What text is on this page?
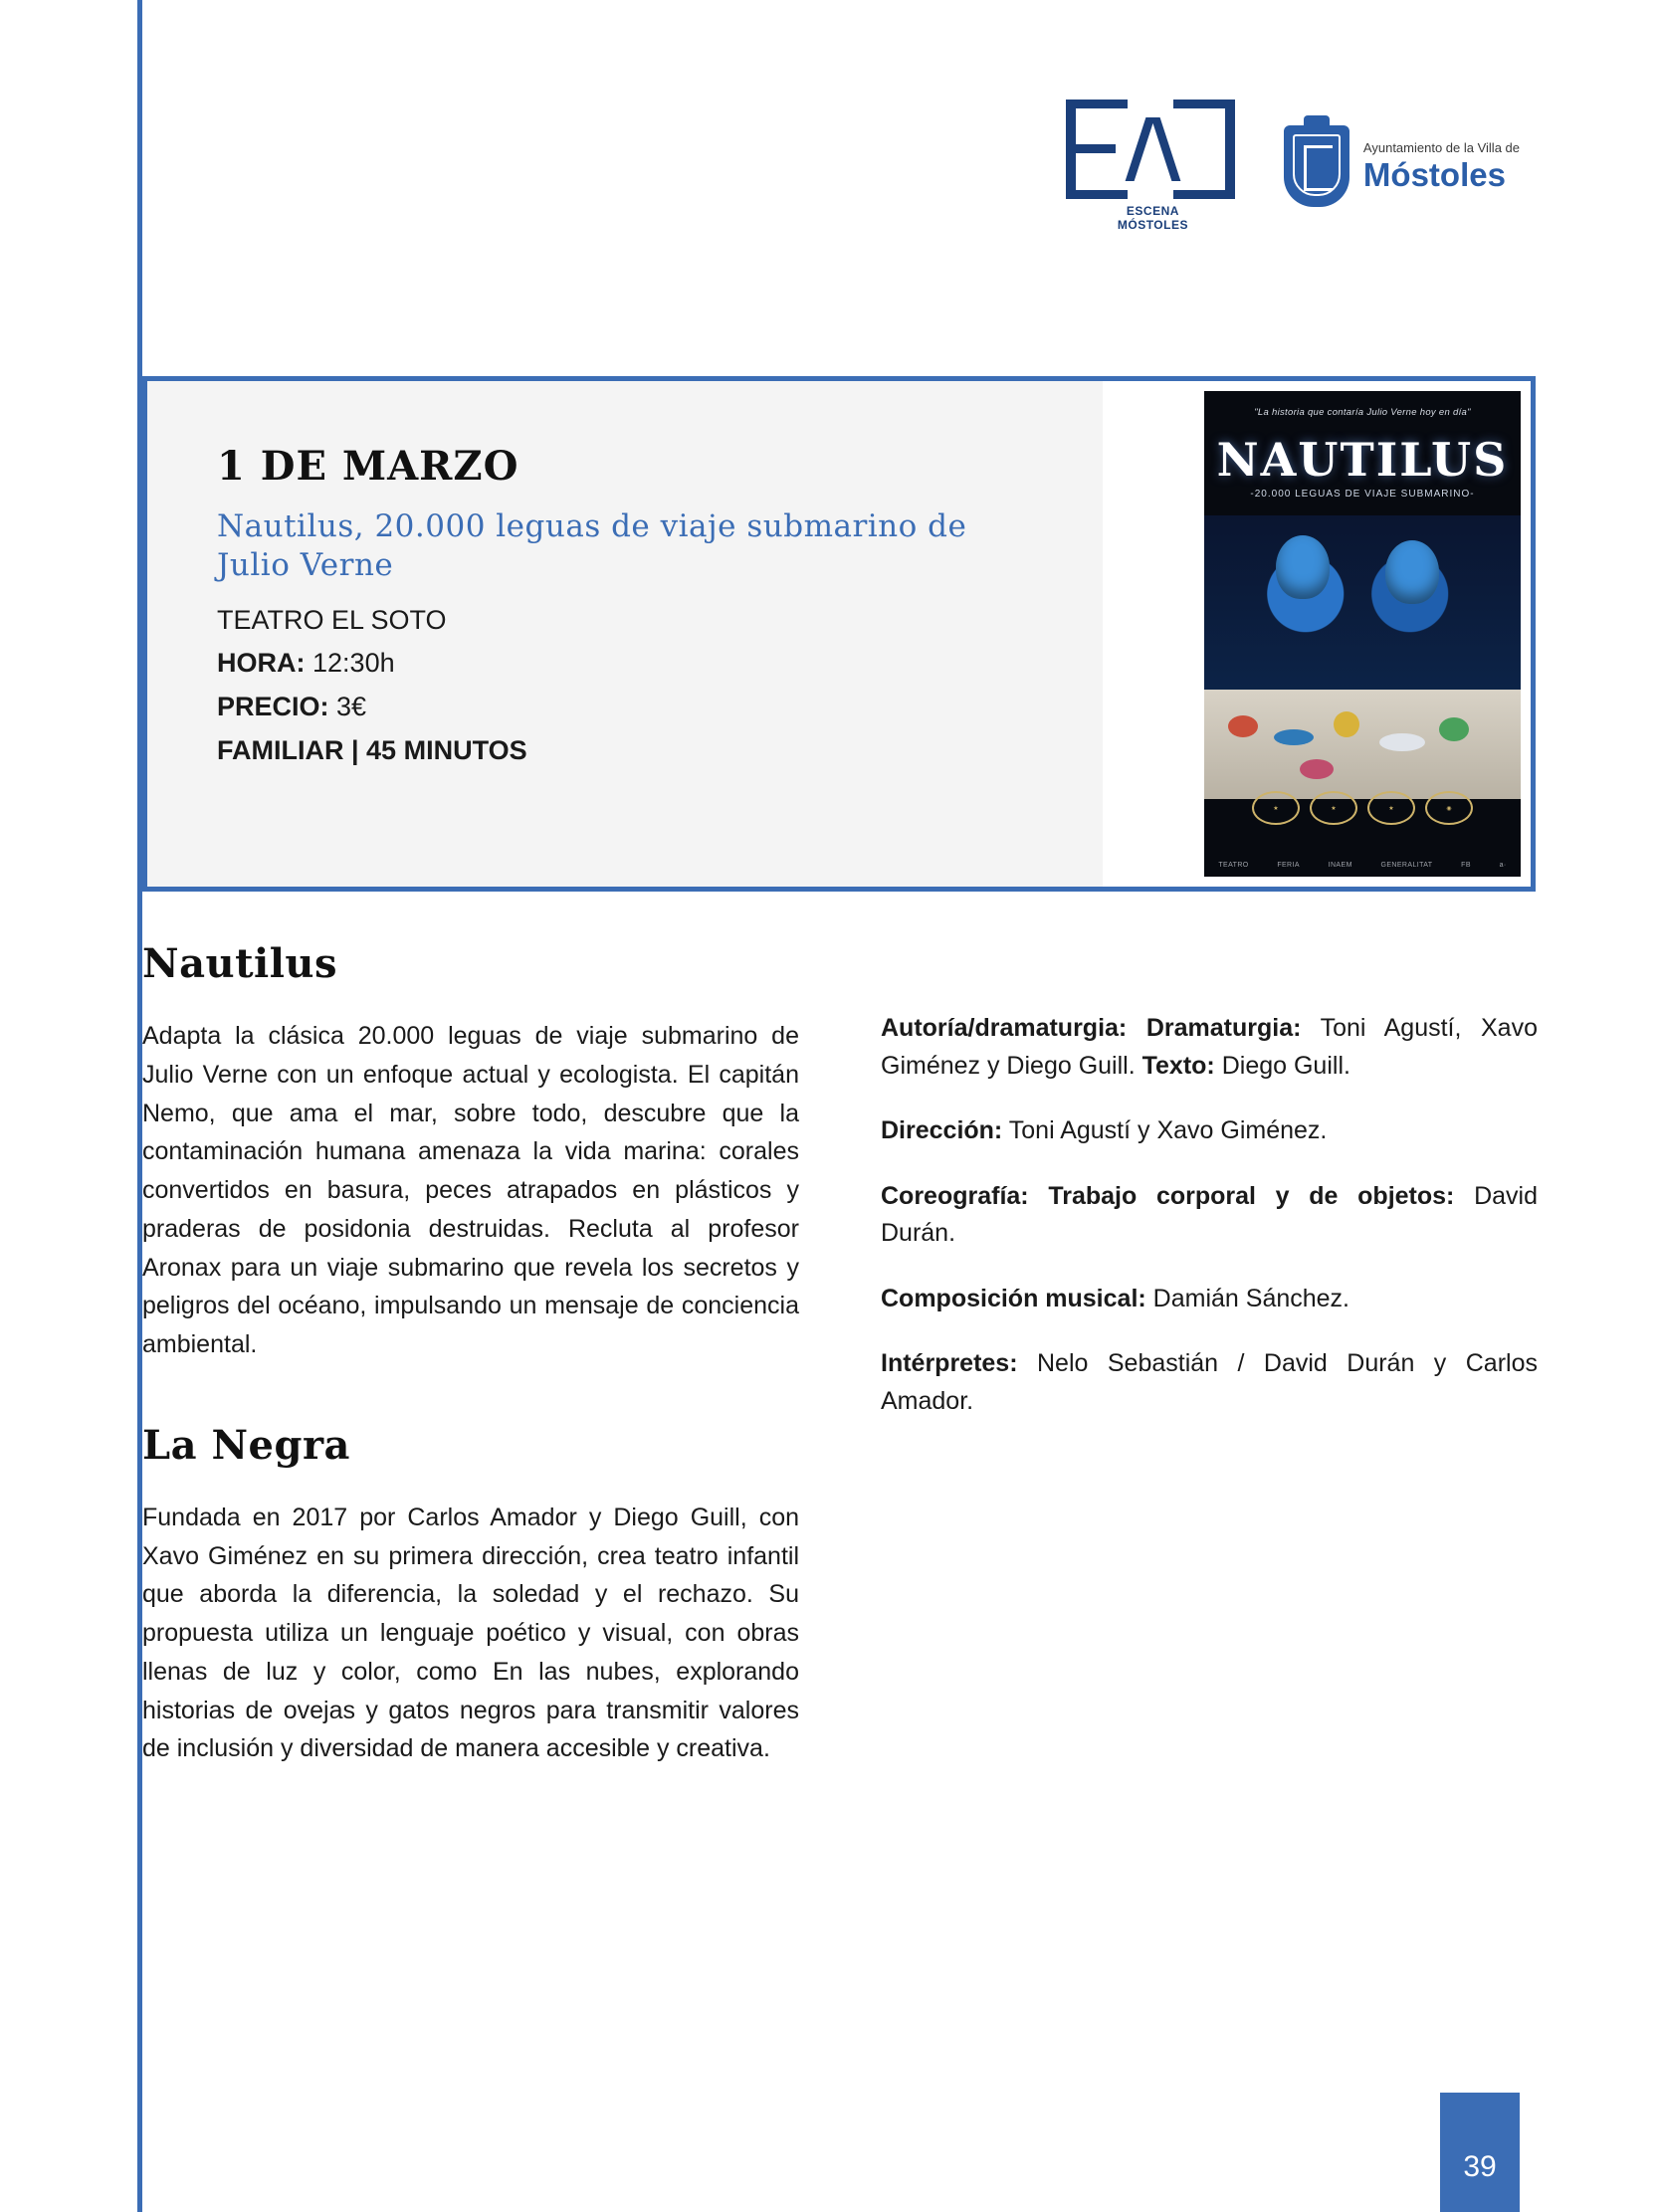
ESCENA
MÓSTOLES
Ayuntamiento de la Villa de
Móstoles
1 DE MARZO
Nautilus, 20.000 leguas de viaje submarino de Julio Verne
TEATRO EL SOTO
HORA: 12:30h
PRECIO: 3€
FAMILIAR | 45 MINUTOS
"La historia que contaría Julio Verne hoy en día"
NAUTILUS
-20.000 LEGUAS DE VIAJE SUBMARINO-
★	★	★	◉
TEATRO	FERIA	INAEM	GENERALITAT	FB	a·
Nautilus

Adapta la clásica 20.000 leguas de viaje submarino de Julio Verne con un enfoque actual y ecologista. El capitán Nemo, que ama el mar, sobre todo, descubre que la contaminación humana amenaza la vida marina: corales convertidos en basura, peces atrapados en plásticos y praderas de posidonia destruidas. Recluta al profesor Aronax para un viaje submarino que revela los secretos y peligros del océano, impulsando un mensaje de conciencia ambiental.

La Negra

Fundada en 2017 por Carlos Amador y Diego Guill, con Xavo Giménez en su primera dirección, crea teatro infantil que aborda la diferencia, la soledad y el rechazo. Su propuesta utiliza un lenguaje poético y visual, con obras llenas de luz y color, como En las nubes, explorando historias de ovejas y gatos negros para transmitir valores de inclusión y diversidad de manera accesible y creativa.

Autoría/dramaturgia: Dramaturgia: Toni Agustí, Xavo Giménez y Diego Guill. Texto: Diego Guill.

Dirección: Toni Agustí y Xavo Giménez.

Coreografía: Trabajo corporal y de objetos: David Durán.

Composición musical: Damián Sánchez.

Intérpretes: Nelo Sebastián / David Durán y Carlos Amador.

39
